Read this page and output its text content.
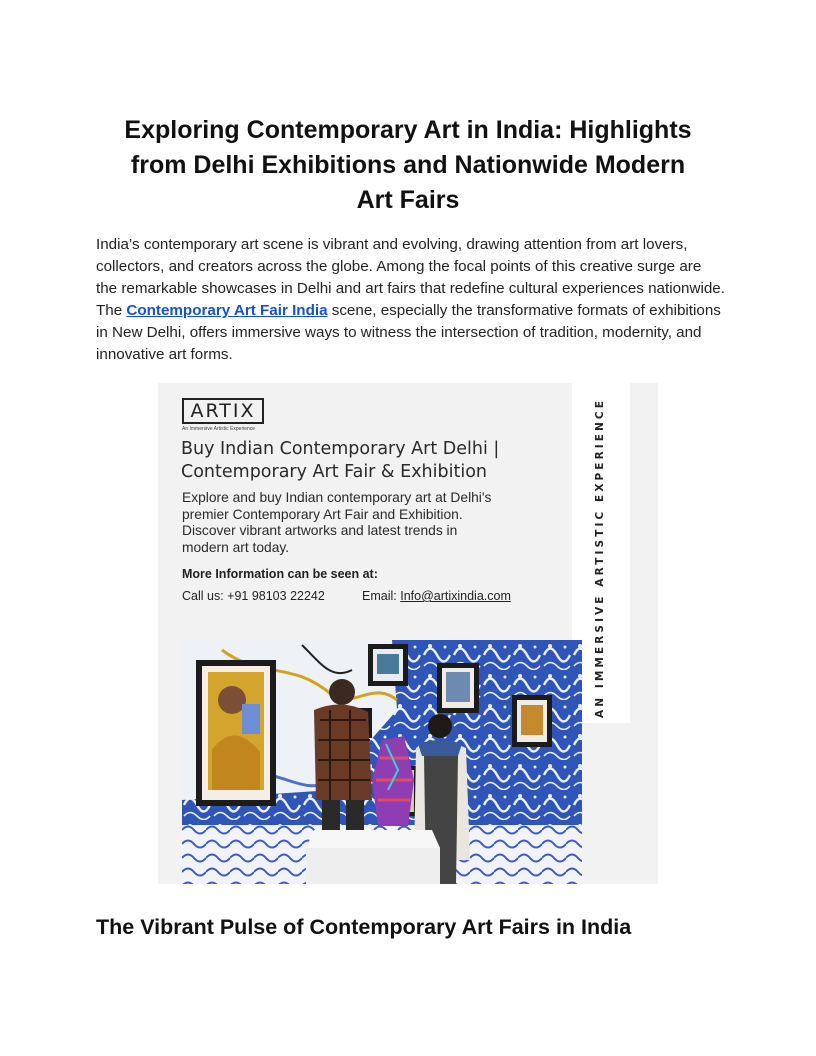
Exploring Contemporary Art in India: Highlights
from Delhi Exhibitions and Nationwide Modern
Art Fairs

India’s contemporary art scene is vibrant and evolving, drawing attention from art lovers, collectors, and creators across the globe. Among the focal points of this creative surge are the remarkable showcases in Delhi and art fairs that redefine cultural experiences nationwide. The Contemporary Art Fair India scene, especially the transformative formats of exhibitions in New Delhi, offers immersive ways to witness the intersection of tradition, modernity, and innovative art forms.

ARTIX
An Immersive Artistic Experience
Buy Indian Contemporary Art Delhi |
Contemporary Art Fair & Exhibition
Explore and buy Indian contemporary art at Delhi's
premier Contemporary Art Fair and Exhibition.
Discover vibrant artworks and latest trends in
modern art today.
More Information can be seen at:
Call us: +91 98103 22242	Email: Info@artixindia.com	AN IMMERSIVE ARTISTIC EXPERIENCE
The Vibrant Pulse of Contemporary Art Fairs in India
